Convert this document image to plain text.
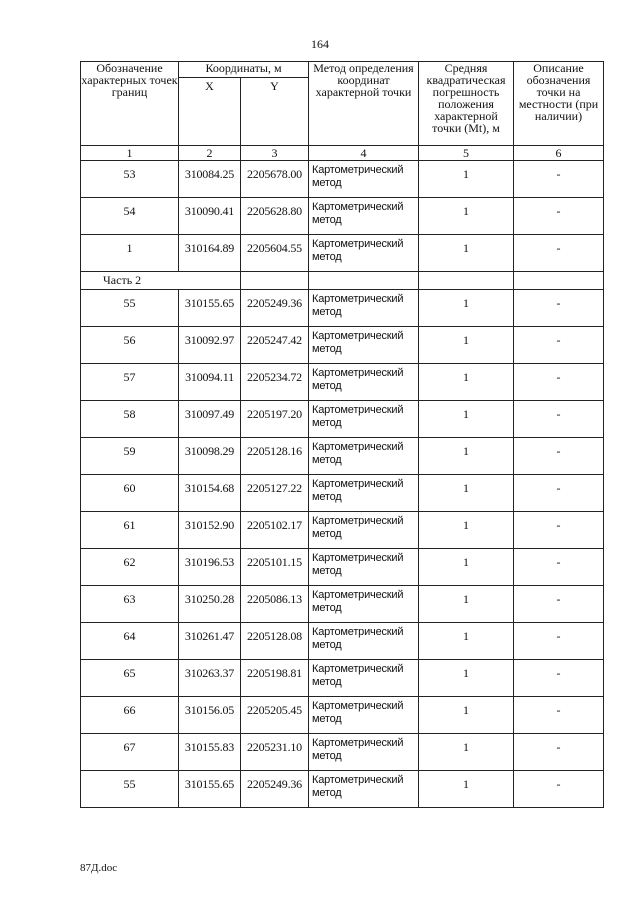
164
Обозначение характерных точек границ	Координаты, м		Метод определения координат характерной точки	Средняя квадратическая погрешность положения характерной точки (Mt), м	Описание обозначения точки на местности (при наличии)
	X	Y			
1	2	3	4	5	6
53	310084.25	2205678.00	Картометрический метод	1	-
54	310090.41	2205628.80	Картометрический метод	1	-
1	310164.89	2205604.55	Картометрический метод	1	-
Часть 2					
55	310155.65	2205249.36	Картометрический метод	1	-
56	310092.97	2205247.42	Картометрический метод	1	-
57	310094.11	2205234.72	Картометрический метод	1	-
58	310097.49	2205197.20	Картометрический метод	1	-
59	310098.29	2205128.16	Картометрический метод	1	-
60	310154.68	2205127.22	Картометрический метод	1	-
61	310152.90	2205102.17	Картометрический метод	1	-
62	310196.53	2205101.15	Картометрический метод	1	-
63	310250.28	2205086.13	Картометрический метод	1	-
64	310261.47	2205128.08	Картометрический метод	1	-
65	310263.37	2205198.81	Картометрический метод	1	-
66	310156.05	2205205.45	Картометрический метод	1	-
67	310155.83	2205231.10	Картометрический метод	1	-
55	310155.65	2205249.36	Картометрический метод	1	-
87Д.doc
